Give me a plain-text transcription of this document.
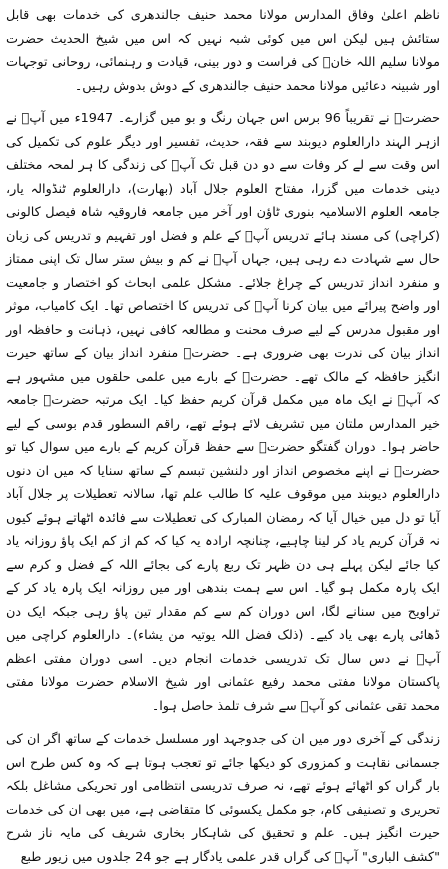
ناظم اعلیٰ وفاق المدارس مولانا محمد حنیف جالندھری کی خدمات بھی قابل ستائش ہیں لیکن اس میں کوئی شبہ نہیں کہ اس میں شیخ الحدیث حضرت مولانا سلیم اللہ خانؒ کی فراست و دور بینی، قیادت و رہنمائی، روحانی توجہات اور شبینہ دعائیں مولانا محمد حنیف جالندھری کے دوش بدوش رہیں۔

حضرتؒ نے تقریباً 96 برس اس جہان رنگ و بو میں گزارے۔ 1947ء میں آپؒ نے ازہر الہند دارالعلوم دیوبند سے فقہ، حدیث، تفسیر اور دیگر علوم کی تکمیل کی اس وقت سے لے کر وفات سے دو دن قبل تک آپؒ کی زندگی کا ہر لمحہ مختلف دینی خدمات میں گزرا، مفتاح العلوم جلال آباد (بھارت)، دارالعلوم ٹنڈوالہ یار، جامعہ العلوم الاسلامیہ بنوری ٹاؤن اور آخر میں جامعہ فاروقیہ شاہ فیصل کالونی (کراچی) کی مسند ہائے تدریس آپؒ کے علم و فضل اور تفہیم و تدریس کی زبان حال سے شہادت دے رہی ہیں، جہاں آپؒ نے کم و بیش ستر سال تک اپنی ممتاز و منفرد انداز تدریس کے چراغ جلائے۔ مشکل علمی ابحاث کو اختصار و جامعیت اور واضح پیرائے میں بیان کرنا آپؒ کی تدریس کا اختصاص تھا۔ ایک کامیاب، موثر اور مقبول مدرس کے لیے صرف محنت و مطالعہ کافی نہیں، ذہانت و حافظہ اور انداز بیان کی ندرت بھی ضروری ہے۔ حضرتؒ منفرد انداز بیان کے ساتھ حیرت انگیز حافظہ کے مالک تھے۔ حضرتؒ کے بارے میں علمی حلقوں میں مشہور ہے کہ آپؒ نے ایک ماہ میں مکمل قرآن کریم حفظ کیا۔ ایک مرتبہ حضرتؒ جامعہ خیر المدارس ملتان میں تشریف لائے ہوئے تھے، راقم السطور قدم بوسی کے لیے حاضر ہوا۔ دوران گفتگو حضرتؒ سے حفظ قرآن کریم کے بارے میں سوال کیا تو حضرتؒ نے اپنے مخصوص انداز اور دلنشین تبسم کے ساتھ سنایا کہ میں ان دنوں دارالعلوم دیوبند میں موقوف علیہ کا طالب علم تھا، سالانہ تعطیلات پر جلال آباد آیا تو دل میں خیال آیا کہ رمضان المبارک کی تعطیلات سے فائدہ اٹھاتے ہوئے کیوں نہ قرآن کریم یاد کر لینا چاہیے، چنانچہ ارادہ یہ کیا کہ کم از کم ایک پاؤ روزانہ یاد کیا جائے لیکن پہلے ہی دن ظہر تک ربع پارے کی بجائے اللہ کے فضل و کرم سے ایک پارہ مکمل ہو گیا۔ اس سے ہمت بندھی اور میں روزانہ ایک پارہ یاد کر کے تراویح میں سنانے لگا، اس دوران کم سے کم مقدار تین پاؤ رہی جبکہ ایک دن ڈھائی پارے بھی یاد کیے۔ (ذلک فضل اللہ یوتیہ من یشاء)۔ دارالعلوم کراچی میں آپؒ نے دس سال تک تدریسی خدمات انجام دیں۔ اسی دوران مفتی اعظم پاکستان مولانا مفتی محمد رفیع عثمانی اور شیخ الاسلام حضرت مولانا مفتی محمد تقی عثمانی کو آپؒ سے شرف تلمذ حاصل ہوا۔

زندگی کے آخری دور میں ان کی جدوجہد اور مسلسل خدمات کے ساتھ اگر ان کی جسمانی نقاہت و کمزوری کو دیکھا جائے تو تعجب ہوتا ہے کہ وہ کس طرح اس بار گراں کو اٹھائے ہوئے تھے، نہ صرف تدریسی انتظامی اور تحریکی مشاغل بلکہ تحریری و تصنیفی کام، جو مکمل یکسوئی کا متقاضی ہے، میں بھی ان کی خدمات حیرت انگیز ہیں۔ علم و تحقیق کی شاہکار بخاری شریف کی مایہ ناز شرح "کشف الباری" آپؒ کی گراں قدر علمی یادگار ہے جو 24 جلدوں میں زیور طبع
